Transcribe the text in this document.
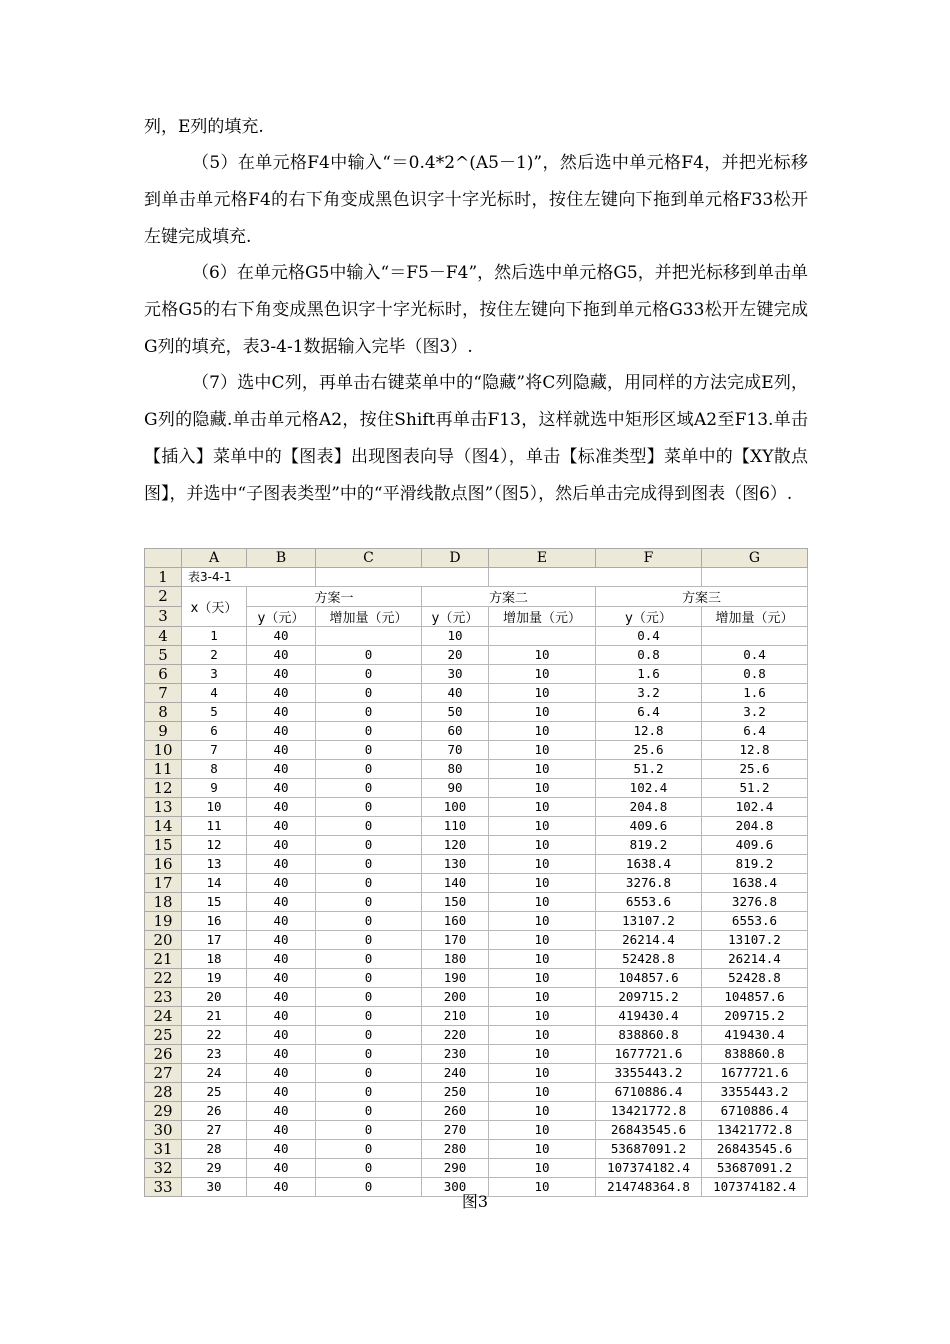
列，E列的填充.

（5）在单元格F4中输入“＝0.4*2^(A5－1)”，然后选中单元格F4，并把光标移到单击单元格F4的右下角变成黑色识字十字光标时，按住左键向下拖到单元格F33松开左键完成填充.

（6）在单元格G5中输入“＝F5－F4”，然后选中单元格G5，并把光标移到单击单元格G5的右下角变成黑色识字十字光标时，按住左键向下拖到单元格G33松开左键完成G列的填充，表3-4-1数据输入完毕（图3）.

（7）选中C列，再单击右键菜单中的“隐藏”将C列隐藏，用同样的方法完成E列，G列的隐藏.单击单元格A2，按住Shift再单击F13，这样就选中矩形区域A2至F13.单击【插入】菜单中的【图表】出现图表向导（图4），单击【标准类型】菜单中的【XY散点图】，并选中“子图表类型”中的“平滑线散点图”（图5），然后单击完成得到图表（图6）.

	A	B	C	D	E	F	G
1	表3-4-1						
2	x（天）	方案一		方案二		方案三	
3		y（元）	增加量（元）	y（元）	增加量（元）	y（元）	增加量（元）
4	1	40		10		0.4	
5	2	40	0	20	10	0.8	0.4
6	3	40	0	30	10	1.6	0.8
7	4	40	0	40	10	3.2	1.6
8	5	40	0	50	10	6.4	3.2
9	6	40	0	60	10	12.8	6.4
10	7	40	0	70	10	25.6	12.8
11	8	40	0	80	10	51.2	25.6
12	9	40	0	90	10	102.4	51.2
13	10	40	0	100	10	204.8	102.4
14	11	40	0	110	10	409.6	204.8
15	12	40	0	120	10	819.2	409.6
16	13	40	0	130	10	1638.4	819.2
17	14	40	0	140	10	3276.8	1638.4
18	15	40	0	150	10	6553.6	3276.8
19	16	40	0	160	10	13107.2	6553.6
20	17	40	0	170	10	26214.4	13107.2
21	18	40	0	180	10	52428.8	26214.4
22	19	40	0	190	10	104857.6	52428.8
23	20	40	0	200	10	209715.2	104857.6
24	21	40	0	210	10	419430.4	209715.2
25	22	40	0	220	10	838860.8	419430.4
26	23	40	0	230	10	1677721.6	838860.8
27	24	40	0	240	10	3355443.2	1677721.6
28	25	40	0	250	10	6710886.4	3355443.2
29	26	40	0	260	10	13421772.8	6710886.4
30	27	40	0	270	10	26843545.6	13421772.8
31	28	40	0	280	10	53687091.2	26843545.6
32	29	40	0	290	10	107374182.4	53687091.2
33	30	40	0	300	10	214748364.8	107374182.4
图3
